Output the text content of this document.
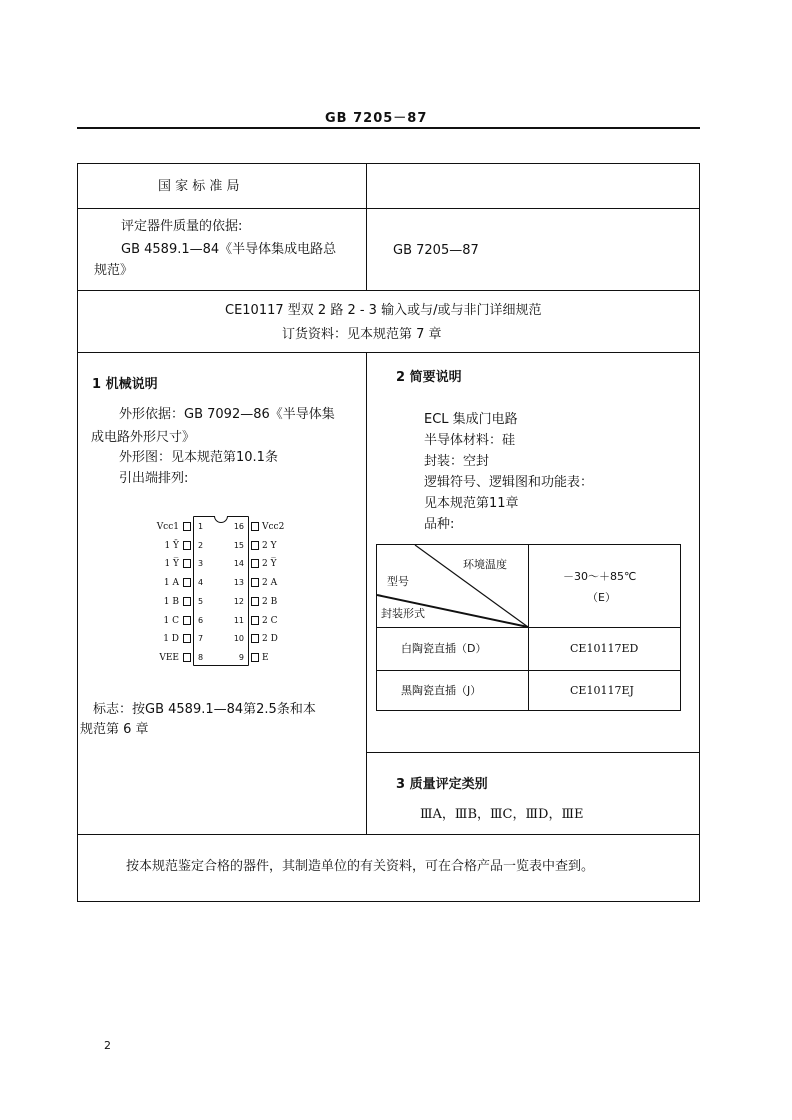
GB 7205－87
国 家 标 准 局
评定器件质量的依据:
GB 4589.1—84《半导体集成电路总
规范》
GB 7205—87
CE10117 型双 2 路 2 - 3 输入或与/或与非门详细规范
订货资料：见本规范第 7 章
1 机械说明
外形依据：GB 7092—86《半导体集
成电路外形尺寸》
外形图：见本规范第10.1条
引出端排列:
1
Vcc1
2
1 Ȳ
3
1 Y̅
4
1 A
5
1 B
6
1 C
7
1 D
8
VEE
16 Vcc2
15 2 Y
14 2 Y̅
13 2 A
12 2 B
11 2 C
10 2 D
9 E
标志：按GB 4589.1—84第2.5条和本
规范第 6 章
2 简要说明
ECL 集成门电路
半导体材料：硅
封装：空封
逻辑符号、逻辑图和功能表：
见本规范第11章
品种:
环境温度
型号
封装形式
－30～＋85℃
（E）
白陶瓷直插（D）	CE10117ED
黑陶瓷直插（J）	CE10117EJ
3 质量评定类别
ⅢA，ⅢB，ⅢC，ⅢD，ⅢE
按本规范鉴定合格的器件，其制造单位的有关资料，可在合格产品一览表中查到。
2
